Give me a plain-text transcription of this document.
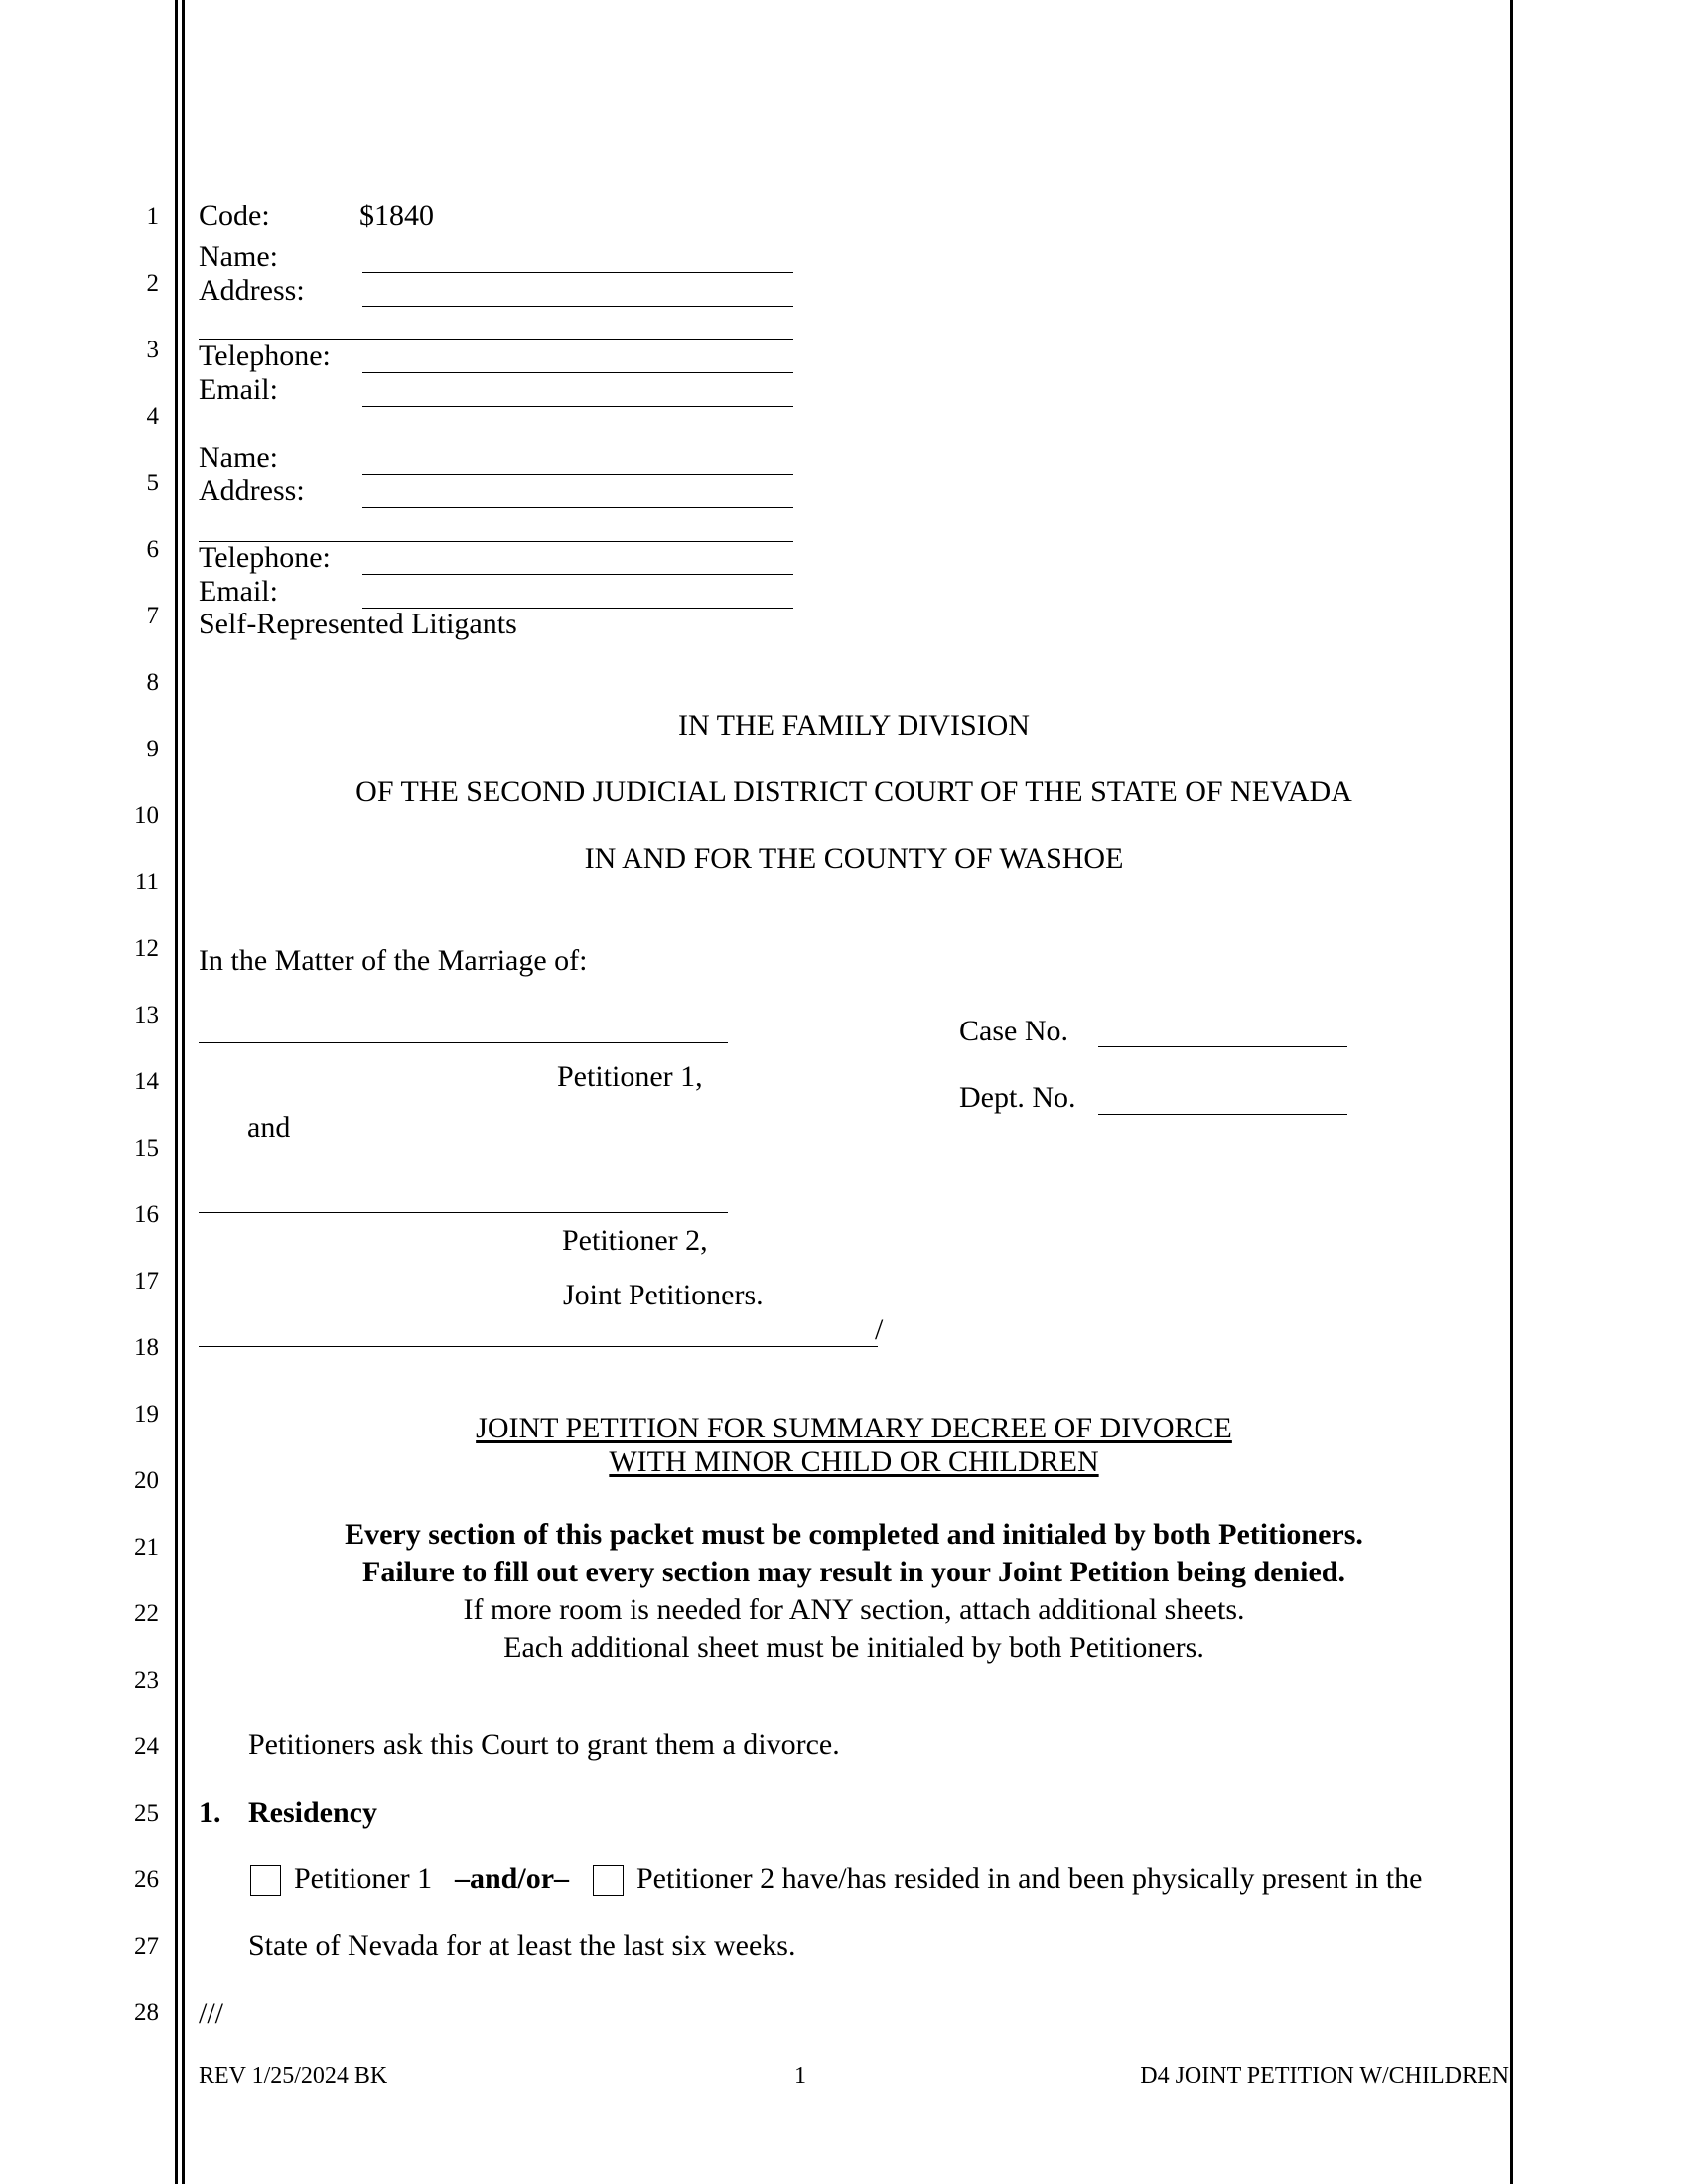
1
2
3
4
5
6
7
8
9
10
11
12
13
14
15
16
17
18
19
20
21
22
23
24
25
26
27
28
Code:	$1840
Name:
Address:
Telephone:
Email:
Name:
Address:
Telephone:
Email:
Self-Represented Litigants
IN THE FAMILY DIVISION
OF THE SECOND JUDICIAL DISTRICT COURT OF THE STATE OF NEVADA
IN AND FOR THE COUNTY OF WASHOE
In the Matter of the Marriage of:
Petitioner 1,
and
Petitioner 2,
Joint Petitioners.
/
Case No.
Dept. No.
JOINT PETITION FOR SUMMARY DECREE OF DIVORCE
WITH MINOR CHILD OR CHILDREN
Every section of this packet must be completed and initialed by both Petitioners.
Failure to fill out every section may result in your Joint Petition being denied.
If more room is needed for ANY section, attach additional sheets.
Each additional sheet must be initialed by both Petitioners.
Petitioners ask this Court to grant them a divorce.
1. Residency
Petitioner 1 –and/or– Petitioner 2 have/has resided in and been physically present in the
State of Nevada for at least the last six weeks.
///
REV 1/25/2024 BK	1	D4 JOINT PETITION W/CHILDREN
